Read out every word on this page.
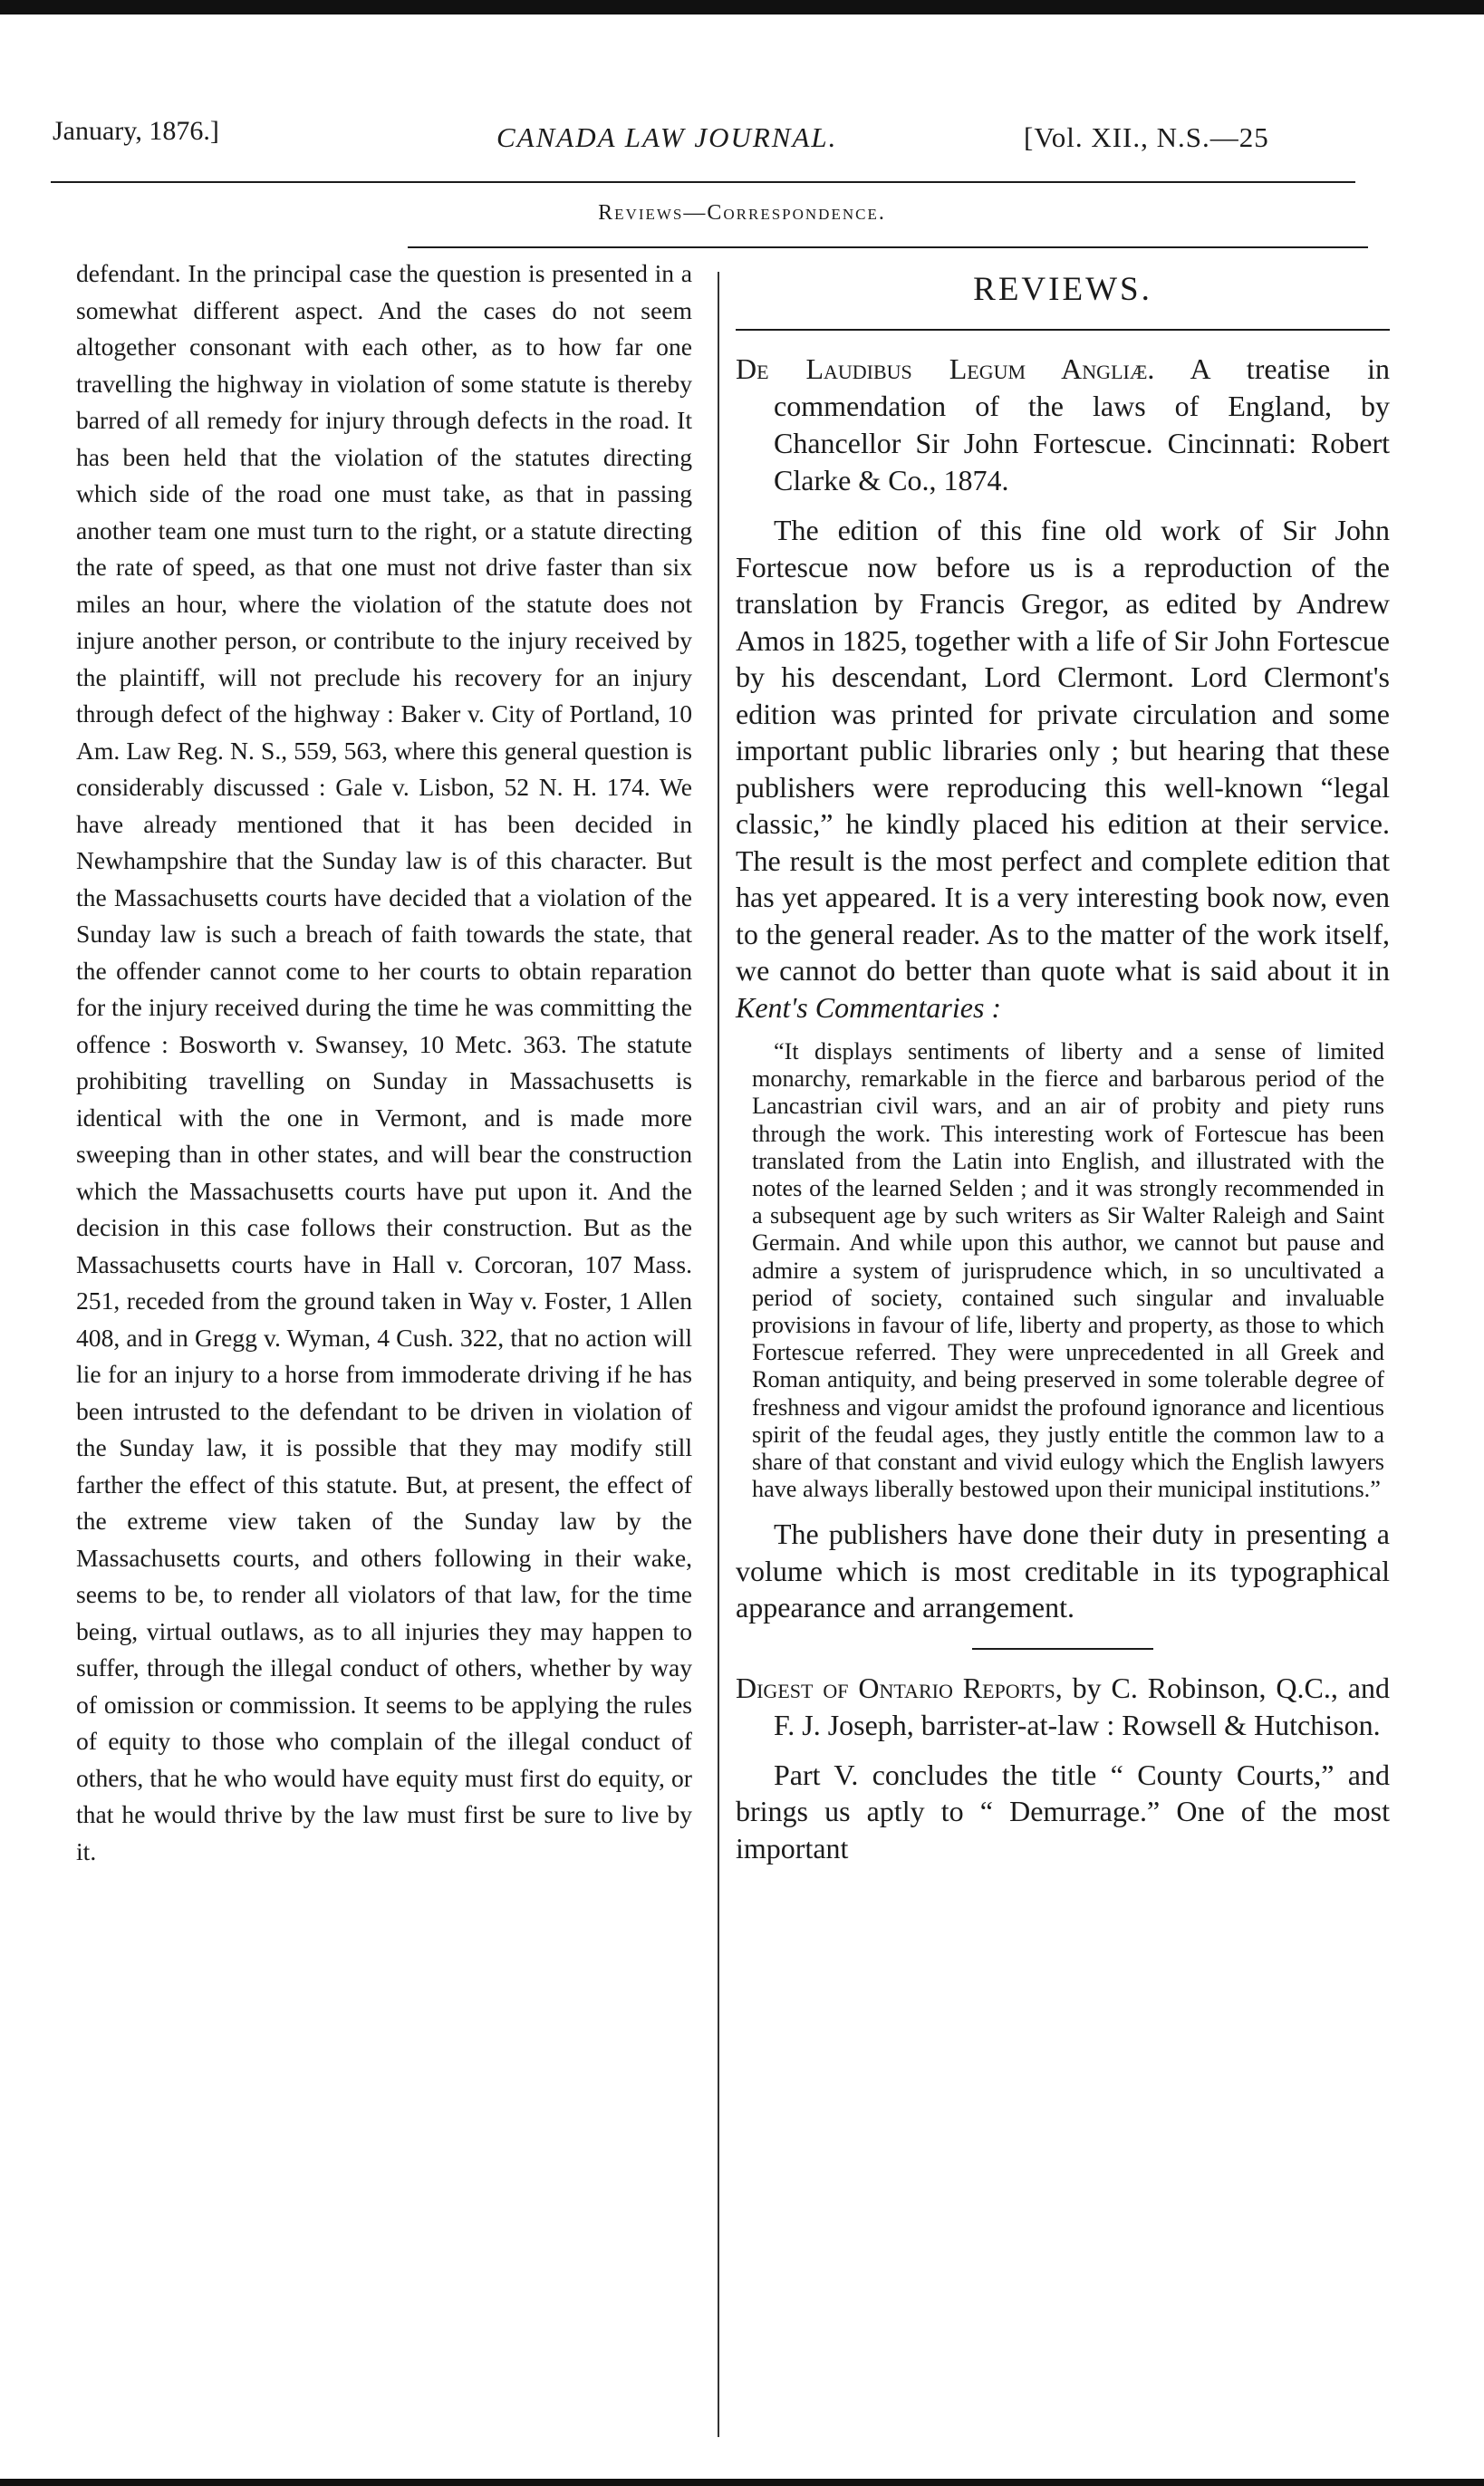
January, 1876.]	CANADA LAW JOURNAL.	[Vol. XII., N.S.—25
Reviews—Correspondence.

defendant. In the principal case the question is presented in a somewhat different aspect. And the cases do not seem altogether consonant with each other, as to how far one travelling the highway in violation of some statute is thereby barred of all remedy for injury through defects in the road. It has been held that the violation of the statutes directing which side of the road one must take, as that in passing another team one must turn to the right, or a statute directing the rate of speed, as that one must not drive faster than six miles an hour, where the violation of the statute does not injure another person, or contribute to the injury received by the plaintiff, will not preclude his recovery for an injury through defect of the highway : Baker v. City of Portland, 10 Am. Law Reg. N. S., 559, 563, where this general question is considerably discussed : Gale v. Lisbon, 52 N. H. 174. We have already mentioned that it has been decided in Newhampshire that the Sunday law is of this character. But the Massachusetts courts have decided that a violation of the Sunday law is such a breach of faith towards the state, that the offender cannot come to her courts to obtain reparation for the injury received during the time he was committing the offence : Bosworth v. Swansey, 10 Metc. 363. The statute prohibiting travelling on Sunday in Massachusetts is identical with the one in Vermont, and is made more sweeping than in other states, and will bear the construction which the Massachusetts courts have put upon it. And the decision in this case follows their construction. But as the Massachusetts courts have in Hall v. Corcoran, 107 Mass. 251, receded from the ground taken in Way v. Foster, 1 Allen 408, and in Gregg v. Wyman, 4 Cush. 322, that no action will lie for an injury to a horse from immoderate driving if he has been intrusted to the defendant to be driven in violation of the Sunday law, it is possible that they may modify still farther the effect of this statute. But, at present, the effect of the extreme view taken of the Sunday law by the Massachusetts courts, and others following in their wake, seems to be, to render all violators of that law, for the time being, virtual outlaws, as to all injuries they may happen to suffer, through the illegal conduct of others, whether by way of omission or commission. It seems to be applying the rules of equity to those who complain of the illegal conduct of others, that he who would have equity must first do equity, or that he would thrive by the law must first be sure to live by it.

REVIEWS.

De Laudibus Legum Angliæ. A treatise in commendation of the laws of England, by Chancellor Sir John Fortescue. Cincinnati: Robert Clarke & Co., 1874.

The edition of this fine old work of Sir John Fortescue now before us is a reproduction of the translation by Francis Gregor, as edited by Andrew Amos in 1825, together with a life of Sir John Fortescue by his descendant, Lord Clermont. Lord Clermont's edition was printed for private circulation and some important public libraries only ; but hearing that these publishers were reproducing this well-known “legal classic,” he kindly placed his edition at their service. The result is the most perfect and complete edition that has yet appeared. It is a very interesting book now, even to the general reader. As to the matter of the work itself, we cannot do better than quote what is said about it in Kent's Commentaries :

“It displays sentiments of liberty and a sense of limited monarchy, remarkable in the fierce and barbarous period of the Lancastrian civil wars, and an air of probity and piety runs through the work. This interesting work of Fortescue has been translated from the Latin into English, and illustrated with the notes of the learned Selden ; and it was strongly recommended in a subsequent age by such writers as Sir Walter Raleigh and Saint Germain. And while upon this author, we cannot but pause and admire a system of jurisprudence which, in so uncultivated a period of society, contained such singular and invaluable provisions in favour of life, liberty and property, as those to which Fortescue referred. They were unprecedented in all Greek and Roman antiquity, and being preserved in some tolerable degree of freshness and vigour amidst the profound ignorance and licentious spirit of the feudal ages, they justly entitle the common law to a share of that constant and vivid eulogy which the English lawyers have always liberally bestowed upon their municipal institutions.”

The publishers have done their duty in presenting a volume which is most creditable in its typographical appearance and arrangement.

Digest of Ontario Reports, by C. Robinson, Q.C., and F. J. Joseph, barrister-at-law : Rowsell & Hutchison.

Part V. concludes the title “ County Courts,” and brings us aptly to “ Demurrage.” One of the most important
